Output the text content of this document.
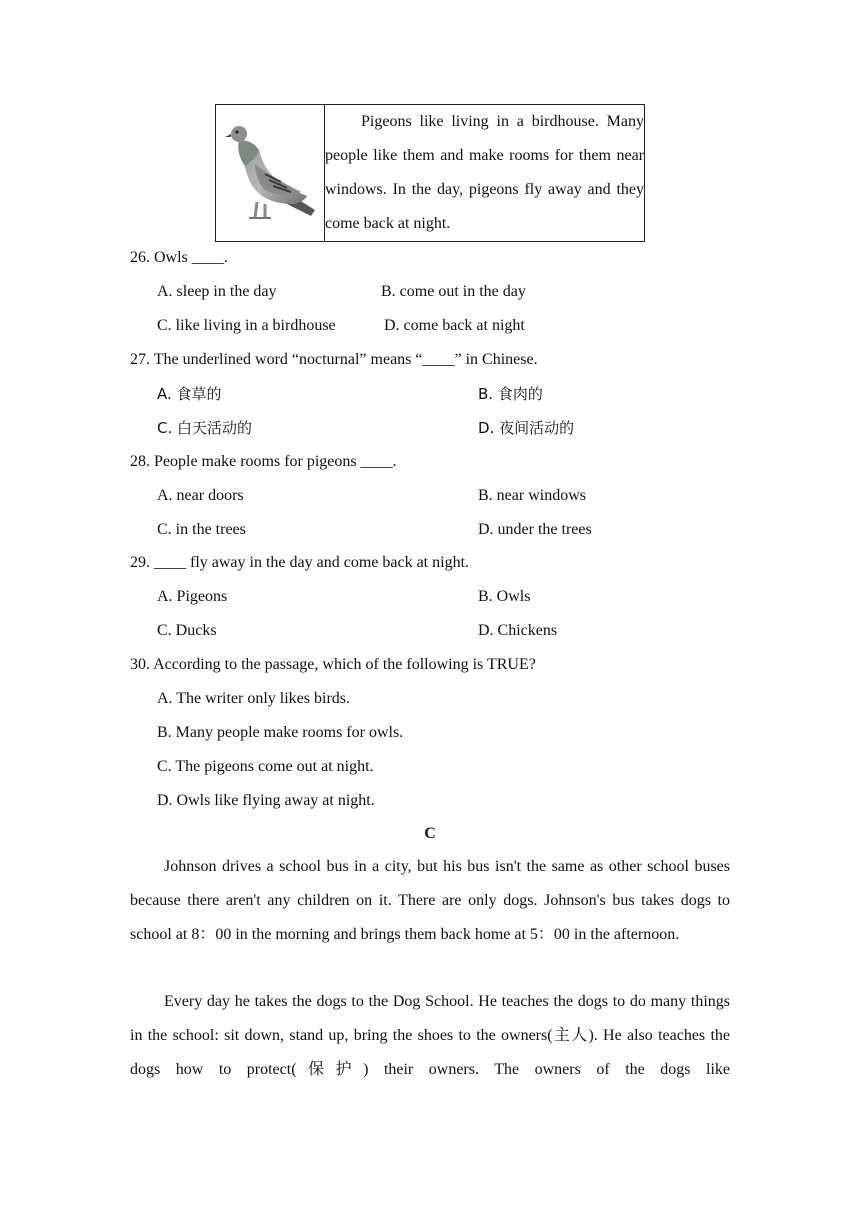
	Pigeons like living in a birdhouse. Many people like them and make rooms for them near windows. In the day, pigeons fly away and they come back at night.
26. Owls ____.
A. sleep in the day	B. come out in the day
C. like living in a birdhouse	D. come back at night
27. The underlined word “nocturnal” means “____” in Chinese.
A. 食草的	B. 食肉的
C. 白天活动的	D. 夜间活动的
28. People make rooms for pigeons ____.
A. near doors	B. near windows
C. in the trees	D. under the trees
29. ____ fly away in the day and come back at night.
A. Pigeons	B. Owls
C. Ducks	D. Chickens
30. According to the passage, which of the following is TRUE?
A. The writer only likes birds.
B. Many people make rooms for owls.
C. The pigeons come out at night.
D. Owls like flying away at night.
C
Johnson drives a school bus in a city, but his bus isn't the same as other school buses because there aren't any children on it. There are only dogs. Johnson's bus takes dogs to school at 8：00 in the morning and brings them back home at 5：00 in the afternoon.
Every day he takes the dogs to the Dog School. He teaches the dogs to do many things in the school: sit down, stand up, bring the shoes to the owners(主人). He also teaches the dogs how to protect(保护) their owners. The owners of the dogs like
